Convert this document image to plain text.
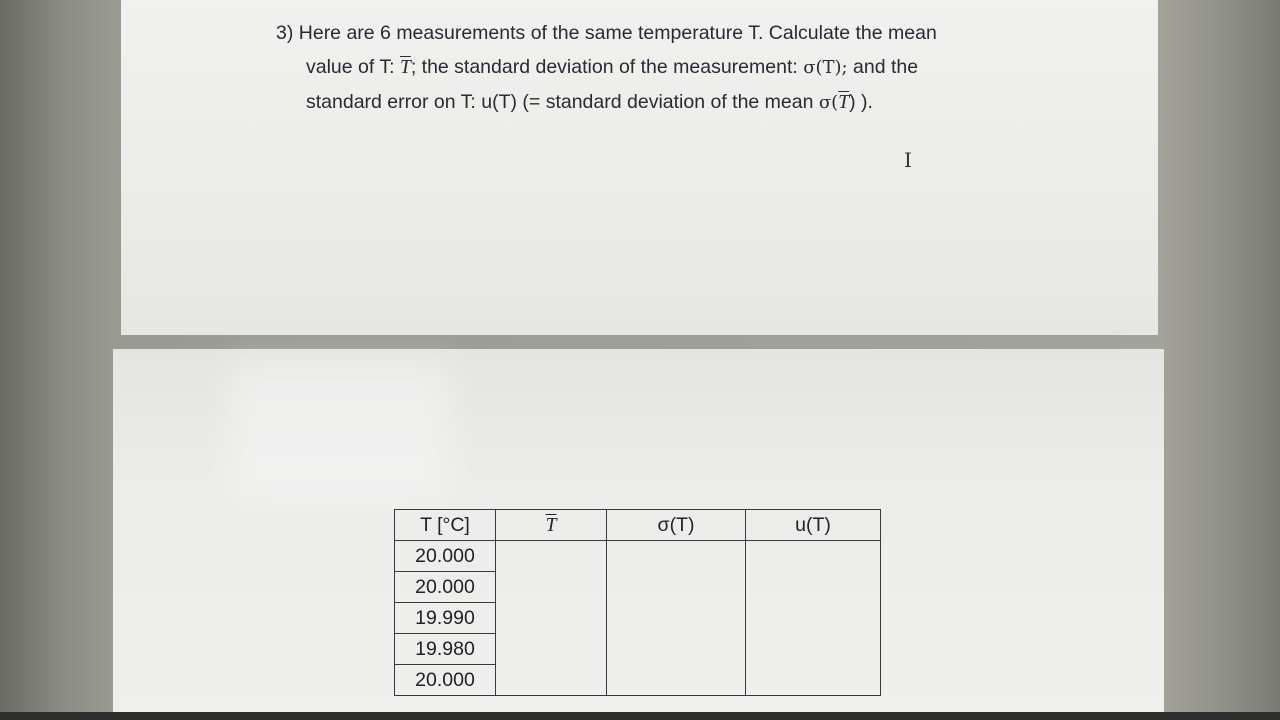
3) Here are 6 measurements of the same temperature T. Calculate the mean
value of T: $\overline{T}$; the standard deviation of the measurement: σ(T); and the
standard error on T: u(T) (= standard deviation of the mean $\sigma(\overline{T})$ ).
I
T [°C]	$\overline{T}$	σ(T)	u(T)
20.000			
20.000			
19.990			
19.980			
20.000			
